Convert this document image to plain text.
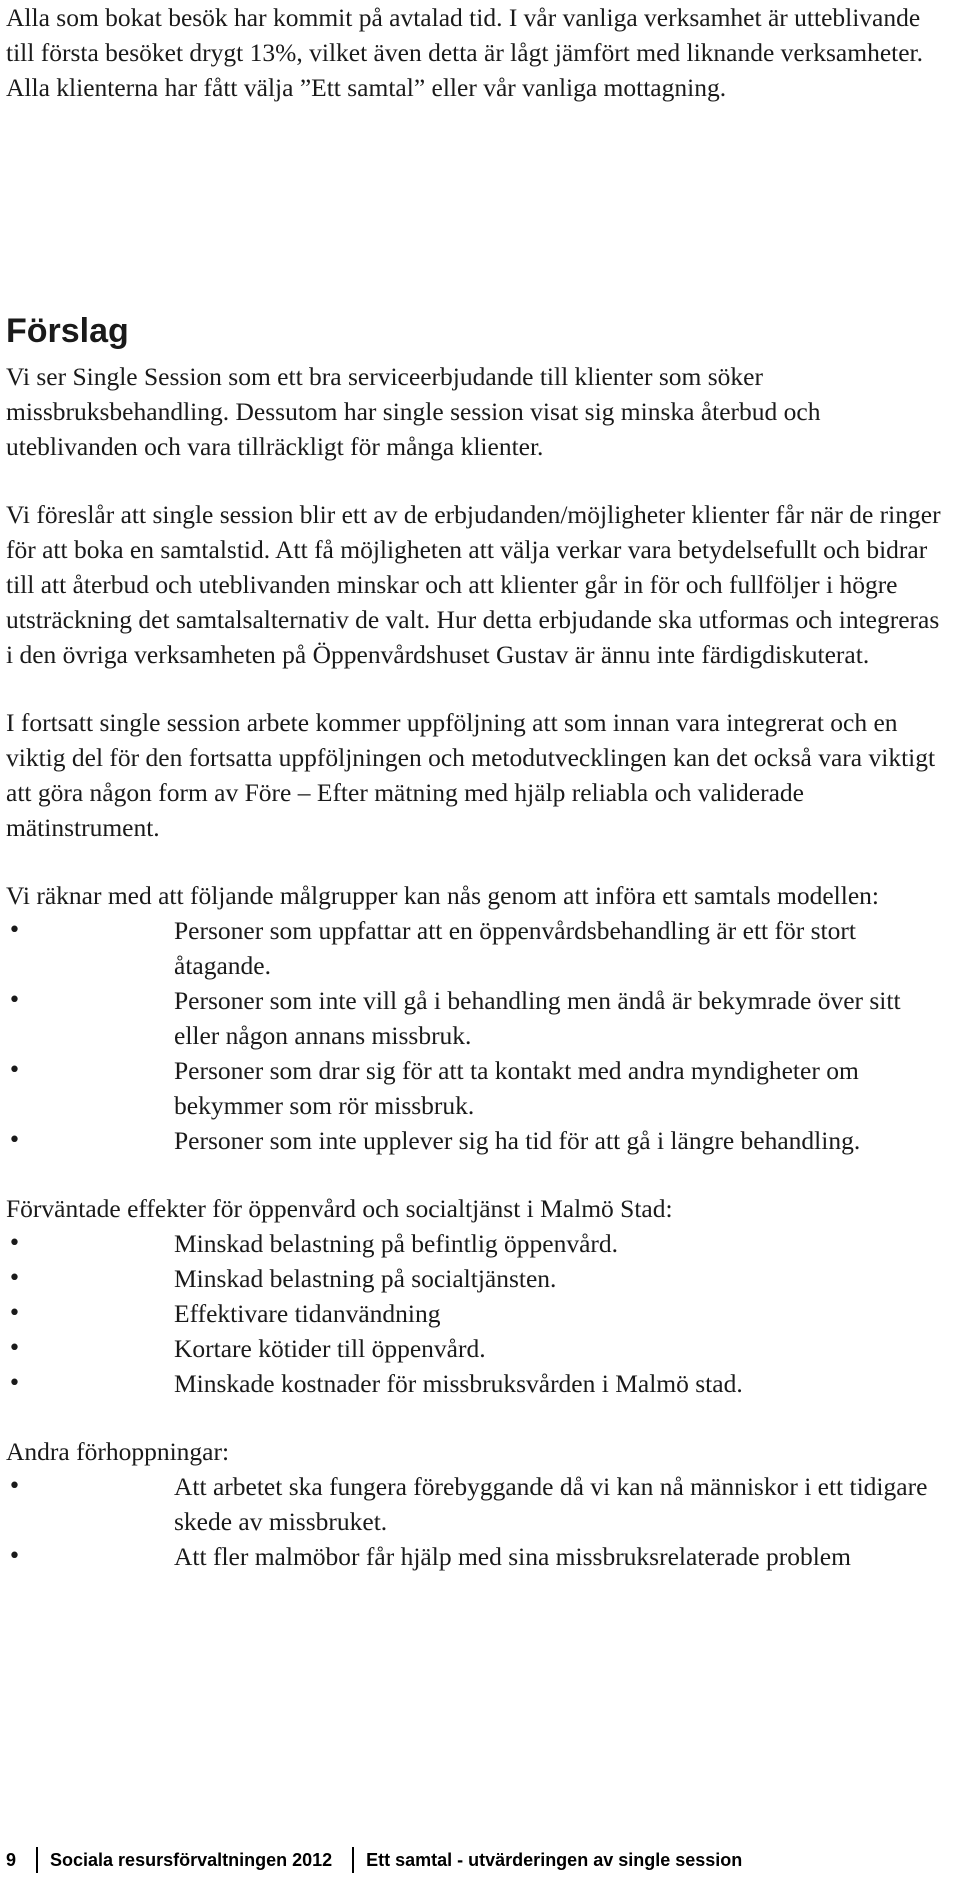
Alla som bokat besök har kommit på avtalad tid. I vår vanliga verksamhet är utteblivande till första besöket drygt 13%, vilket även detta är lågt jämfört med liknande verksamheter.

Alla klienterna har fått välja ”Ett samtal” eller vår vanliga mottagning.

Förslag

Vi ser Single Session som ett bra serviceerbjudande till klienter som söker missbruksbehandling. Dessutom har single session visat sig minska återbud och uteblivanden och vara tillräckligt för många klienter.

Vi föreslår att single session blir ett av de erbjudanden/möjligheter klienter får när de ringer för att boka en samtalstid. Att få möjligheten att välja verkar vara betydelsefullt och bidrar till att återbud och uteblivanden minskar och att klienter går in för och fullföljer i högre utsträckning det samtalsalternativ de valt. Hur detta erbjudande ska utformas och integreras i den övriga verksamheten på Öppenvårdshuset Gustav är ännu inte färdigdiskuterat.

I fortsatt single session arbete kommer uppföljning att som innan vara integrerat och en viktig del för den fortsatta uppföljningen och metodutvecklingen kan det också vara viktigt att göra någon form av Före – Efter mätning med hjälp reliabla och validerade mätinstrument.

Vi räknar med att följande målgrupper kan nås genom att införa ett samtals modellen:

•	Personer som uppfattar att en öppenvårdsbehandling är ett för stort åtagande.
•	Personer som inte vill gå i behandling men ändå är bekymrade över sitt eller någon annans missbruk.
•	Personer som drar sig för att ta kontakt med andra myndigheter om bekymmer som rör missbruk.
•	Personer som inte upplever sig ha tid för att gå i längre behandling.

Förväntade effekter för öppenvård och socialtjänst i Malmö Stad:

•	Minskad belastning på befintlig öppenvård.
•	Minskad belastning på socialtjänsten.
•	Effektivare tidanvändning
•	Kortare kötider till öppenvård.
•	Minskade kostnader för missbruksvården i Malmö stad.

Andra förhoppningar:

•	Att arbetet ska fungera förebyggande då vi kan nå människor i ett tidigare skede av missbruket.
•	Att fler malmöbor får hjälp med sina missbruksrelaterade problem
9 Sociala resursförvaltningen 2012 Ett samtal - utvärderingen av single session
